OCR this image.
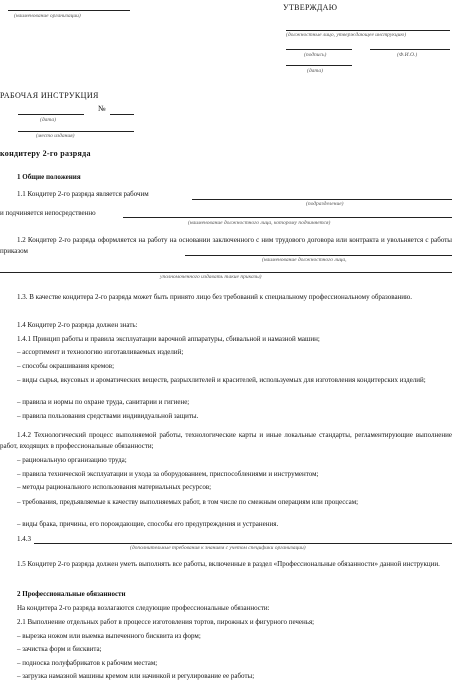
(наименование организации)
УТВЕРЖДАЮ
(должностные лицо, утверждающее инструкцию)
(подпись)	(Ф.И.О.)
(дата)
РАБОЧАЯ ИНСТРУКЦИЯ
№
(дата)
(место издания)
кондитеру 2-го разряда
1 Общие положения
1.1 Кондитер 2-го разряда является рабочим
(подразделение)
и подчиняется непосредственно
(наименование должностного лица, которому подчиняется)
1.2 Кондитер 2-го разряда оформляется на работу на основании заключенного с ним трудового договора или контракта и увольняется с работы приказом
(наименование должностного лица,
уполномоченного издавать такие приказы)
1.3. В качестве кондитера 2-го разряда может быть принято лицо без требований к специальному профессиональному образованию.
1.4 Кондитер 2-го разряда должен знать:
1.4.1 Принцип работы и правила эксплуатации варочной аппаратуры, сбивальной и намазной машин;
– ассортимент и технологию изготавливаемых изделий;
– способы окрашивания кремов;
– виды сырья, вкусовых и ароматических веществ, разрыхлителей и красителей, используемых для изготовления кондитерских изделий;
– правила и нормы по охране труда, санитарии и гигиене;
– правила пользования средствами индивидуальной защиты.
1.4.2 Технологический процесс выполняемой работы, технологические карты и иные локальные стандарты, регламентирующие выполнение работ, входящих в профессиональные обязанности;
– рациональную организацию труда;
– правила технической эксплуатации и ухода за оборудованием, приспособлениями и инструментом;
– методы рационального использования материальных ресурсов;
– требования, предъявляемые к качеству выполняемых работ, в том числе по смежным операциям или процессам;
– виды брака, причины, его порождающие, способы его предупреждения и устранения.
1.4.3
(дополнительные требования к знаниям с учетом специфики организации)
1.5 Кондитер 2-го разряда должен уметь выполнять все работы, включенные в раздел «Профессиональные обязанности» данной инструкции.
2 Профессиональные обязанности
На кондитера 2-го разряда возлагаются следующие профессиональные обязанности:
2.1 Выполнение отдельных работ в процессе изготовления тортов, пирожных и фигурного печенья;
– вырезка ножом или выемка выпеченного бисквита из форм;
– зачистка форм и бисквита;
– подноска полуфабрикатов к рабочим местам;
– загрузка намазной машины кремом или начинкой и регулирование ее работы;
